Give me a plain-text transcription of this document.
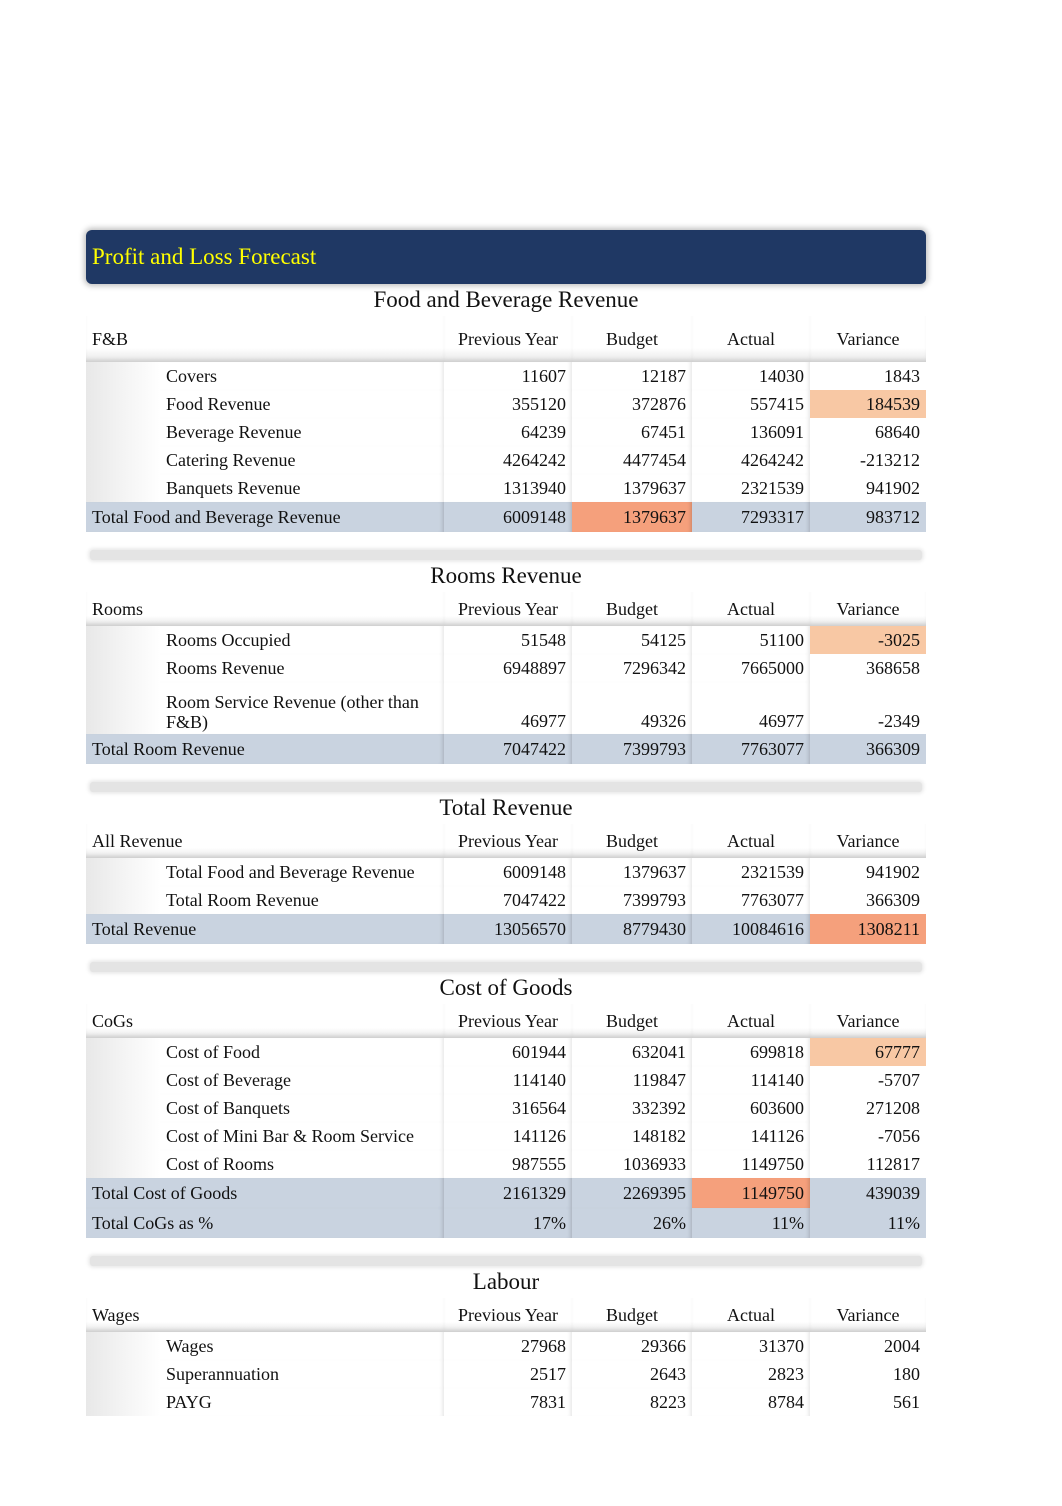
Profit and Loss Forecast
Food and Beverage Revenue
F&B		Previous Year	Budget	Actual	Variance
	Covers	11607	12187	14030	1843
	Food Revenue	355120	372876	557415	184539
	Beverage Revenue	64239	67451	136091	68640
	Catering Revenue	4264242	4477454	4264242	-213212
	Banquets Revenue	1313940	1379637	2321539	941902
Total Food and Beverage Revenue		6009148	1379637	7293317	983712
Rooms Revenue
Rooms		Previous Year	Budget	Actual	Variance
	Rooms Occupied	51548	54125	51100	-3025
	Rooms Revenue	6948897	7296342	7665000	368658
	Room Service Revenue (other than F&B)	46977	49326	46977	-2349
Total Room Revenue		7047422	7399793	7763077	366309
Total Revenue
All Revenue		Previous Year	Budget	Actual	Variance
	Total Food and Beverage Revenue	6009148	1379637	2321539	941902
	Total Room Revenue	7047422	7399793	7763077	366309
Total Revenue		13056570	8779430	10084616	1308211
Cost of Goods
CoGs		Previous Year	Budget	Actual	Variance
	Cost of Food	601944	632041	699818	67777
	Cost of Beverage	114140	119847	114140	-5707
	Cost of Banquets	316564	332392	603600	271208
	Cost of Mini Bar & Room Service	141126	148182	141126	-7056
	Cost of Rooms	987555	1036933	1149750	112817
Total Cost of Goods		2161329	2269395	1149750	439039
Total CoGs as %		17%	26%	11%	11%
Labour
Wages		Previous Year	Budget	Actual	Variance
	Wages	27968	29366	31370	2004
	Superannuation	2517	2643	2823	180
	PAYG	7831	8223	8784	561
